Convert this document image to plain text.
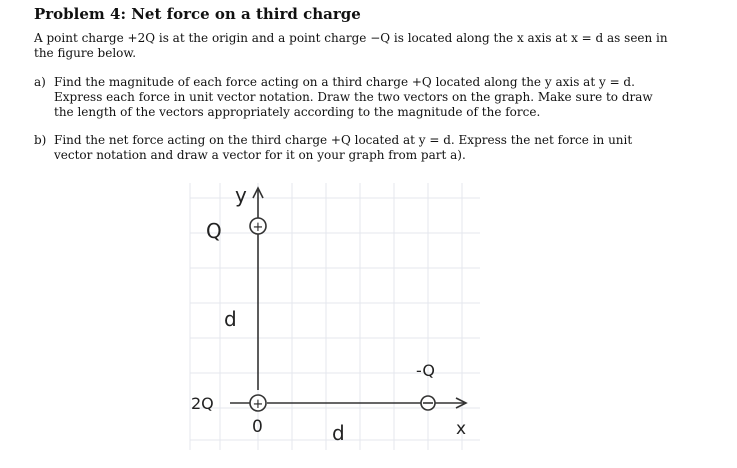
Problem 4: Net force on a third charge

A point charge +2Q is at the origin and a point charge −Q is located along the x axis at x = d as seen in the figure below.

a) Find the magnitude of each force acting on a third charge +Q located along the y axis at y = d. Express each force in unit vector notation. Draw the two vectors on the graph. Make sure to draw the length of the vectors appropriately according to the magnitude of the force.
b) Find the net force acting on the third charge +Q located at y = d. Express the net force in unit vector notation and draw a vector for it on your graph from part a).
y
x
+
Q
d
+
2Q
0	d
-Q
